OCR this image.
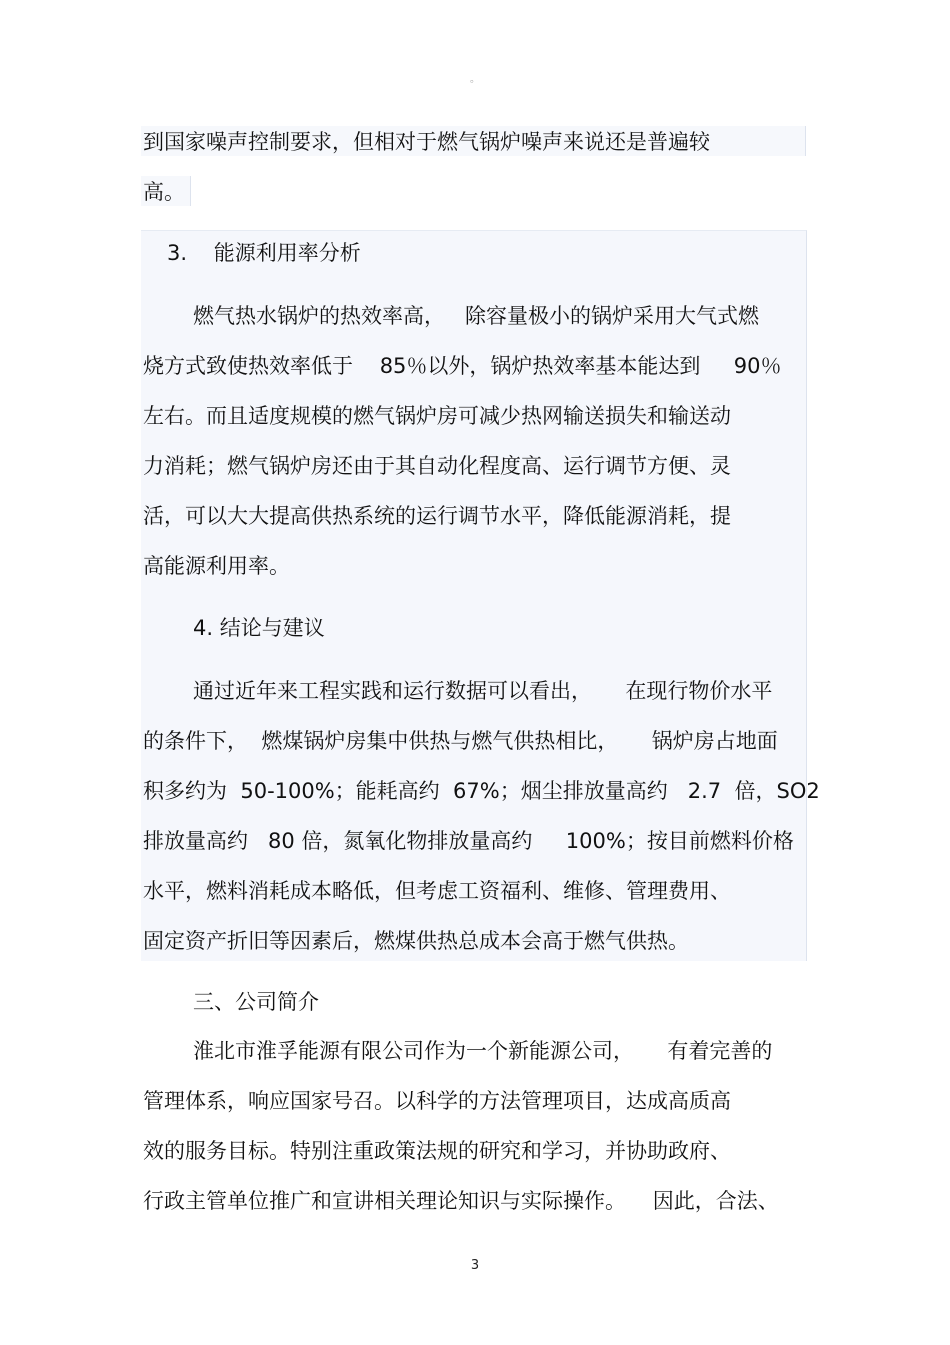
。
到国家噪声控制要求，但相对于燃气锅炉噪声来说还是普遍较
高。
3.    能源利用率分析
燃气热水锅炉的热效率高，   除容量极小的锅炉采用大气式燃
烧方式致使热效率低于    85％以外，锅炉热效率基本能达到     90％
左右。而且适度规模的燃气锅炉房可减少热网输送损失和输送动
力消耗；燃气锅炉房还由于其自动化程度高、运行调节方便、灵
活，可以大大提高供热系统的运行调节水平，降低能源消耗，提
高能源利用率。
4. 结论与建议
通过近年来工程实践和运行数据可以看出，     在现行物价水平
的条件下，  燃煤锅炉房集中供热与燃气供热相比，     锅炉房占地面
积多约为  50-100%；能耗高约  67%；烟尘排放量高约   2.7  倍，SO2
排放量高约   80 倍，氮氧化物排放量高约     100%；按目前燃料价格
水平，燃料消耗成本略低，但考虑工资福利、维修、管理费用、
固定资产折旧等因素后，燃煤供热总成本会高于燃气供热。
三、公司简介
淮北市淮孚能源有限公司作为一个新能源公司，     有着完善的
管理体系，响应国家号召。以科学的方法管理项目，达成高质高
效的服务目标。特别注重政策法规的研究和学习，并协助政府、
行政主管单位推广和宣讲相关理论知识与实际操作。    因此，合法、
3
